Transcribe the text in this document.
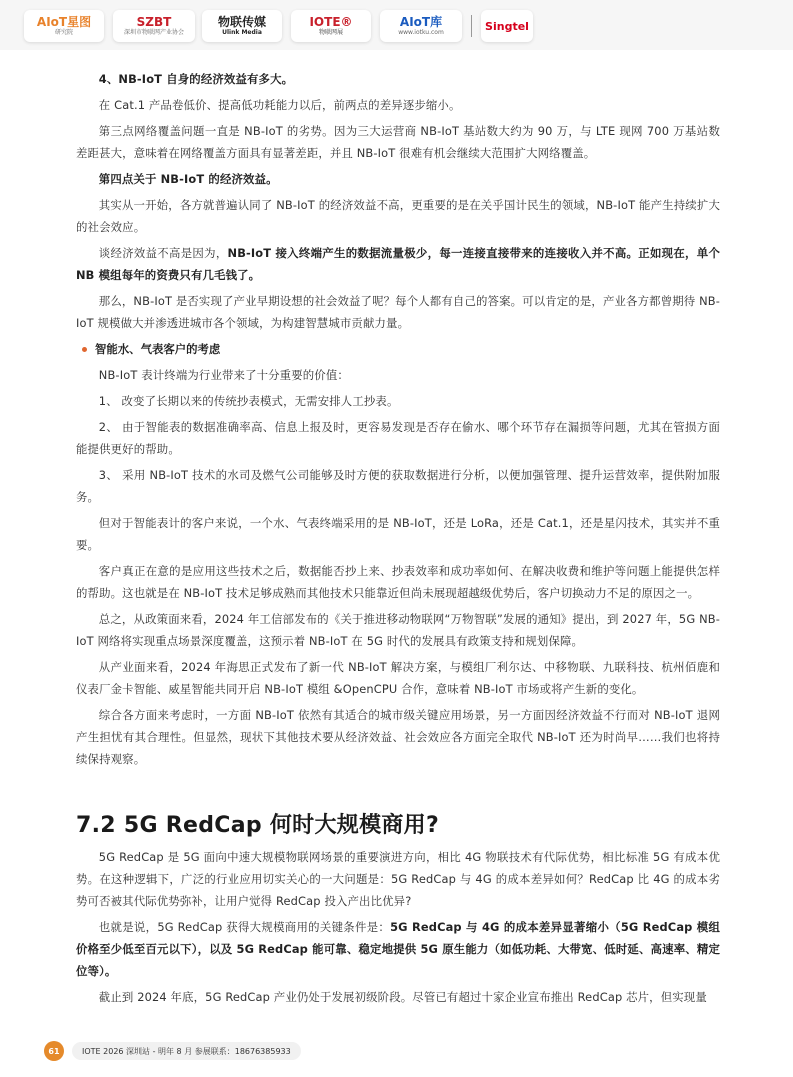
AIoT星图
研究院
SZBT
深圳市物联网产业协会
物联传媒
Ulink Media
IOTE®
物联网展
AIoT库
www.iotku.com	Singtel

4、NB-IoT 自身的经济效益有多大。

在 Cat.1 产品卷低价、提高低功耗能力以后，前两点的差异逐步缩小。

第三点网络覆盖问题一直是 NB-IoT 的劣势。因为三大运营商 NB-IoT 基站数大约为 90 万，与 LTE 现网 700 万基站数差距甚大，意味着在网络覆盖方面具有显著差距，并且 NB-IoT 很难有机会继续大范围扩大网络覆盖。

第四点关于 NB-IoT 的经济效益。

其实从一开始，各方就普遍认同了 NB-IoT 的经济效益不高，更重要的是在关乎国计民生的领域，NB-IoT 能产生持续扩大的社会效应。

谈经济效益不高是因为，NB-IoT 接入终端产生的数据流量极少，每一连接直接带来的连接收入并不高。正如现在，单个 NB 模组每年的资费只有几毛钱了。

那么，NB-IoT 是否实现了产业早期设想的社会效益了呢？每个人都有自己的答案。可以肯定的是，产业各方都曾期待 NB-IoT 规模做大并渗透进城市各个领域，为构建智慧城市贡献力量。

智能水、气表客户的考虑

NB-IoT 表计终端为行业带来了十分重要的价值：

1、 改变了长期以来的传统抄表模式，无需安排人工抄表。

2、 由于智能表的数据准确率高、信息上报及时，更容易发现是否存在偷水、哪个环节存在漏损等问题，尤其在管损方面能提供更好的帮助。

3、 采用 NB-IoT 技术的水司及燃气公司能够及时方便的获取数据进行分析，以便加强管理、提升运营效率，提供附加服务。

但对于智能表计的客户来说，一个水、气表终端采用的是 NB-IoT，还是 LoRa，还是 Cat.1，还是星闪技术，其实并不重要。

客户真正在意的是应用这些技术之后，数据能否抄上来、抄表效率和成功率如何、在解决收费和维护等问题上能提供怎样的帮助。这也就是在 NB-IoT 技术足够成熟而其他技术只能靠近但尚未展现超越级优势后，客户切换动力不足的原因之一。

总之，从政策面来看，2024 年工信部发布的《关于推进移动物联网“万物智联”发展的通知》提出，到 2027 年，5G NB-IoT 网络将实现重点场景深度覆盖，这预示着 NB-IoT 在 5G 时代的发展具有政策支持和规划保障。

从产业面来看，2024 年海思正式发布了新一代 NB-IoT 解决方案，与模组厂利尔达、中移物联、九联科技、杭州佰鹿和仪表厂金卡智能、威星智能共同开启 NB-IoT 模组 &OpenCPU 合作，意味着 NB-IoT 市场或将产生新的变化。

综合各方面来考虑时，一方面 NB-IoT 依然有其适合的城市级关键应用场景，另一方面因经济效益不行而对 NB-IoT 退网产生担忧有其合理性。但显然，现状下其他技术要从经济效益、社会效应各方面完全取代 NB-IoT 还为时尚早……我们也将持续保持观察。

7.2 5G RedCap 何时大规模商用?

5G RedCap 是 5G 面向中速大规模物联网场景的重要演进方向，相比 4G 物联技术有代际优势，相比标准 5G 有成本优势。在这种逻辑下，广泛的行业应用切实关心的一大问题是：5G RedCap 与 4G 的成本差异如何？RedCap 比 4G 的成本劣势可否被其代际优势弥补，让用户觉得 RedCap 投入产出比优异?

也就是说，5G RedCap 获得大规模商用的关键条件是：5G RedCap 与 4G 的成本差异显著缩小（5G RedCap 模组价格至少低至百元以下），以及 5G RedCap 能可靠、稳定地提供 5G 原生能力（如低功耗、大带宽、低时延、高速率、精定位等）。

截止到 2024 年底，5G RedCap 产业仍处于发展初级阶段。尽管已有超过十家企业宣布推出 RedCap 芯片，但实现量

61	IOTE 2026 深圳站 - 明年 8 月 参展联系：18676385933
